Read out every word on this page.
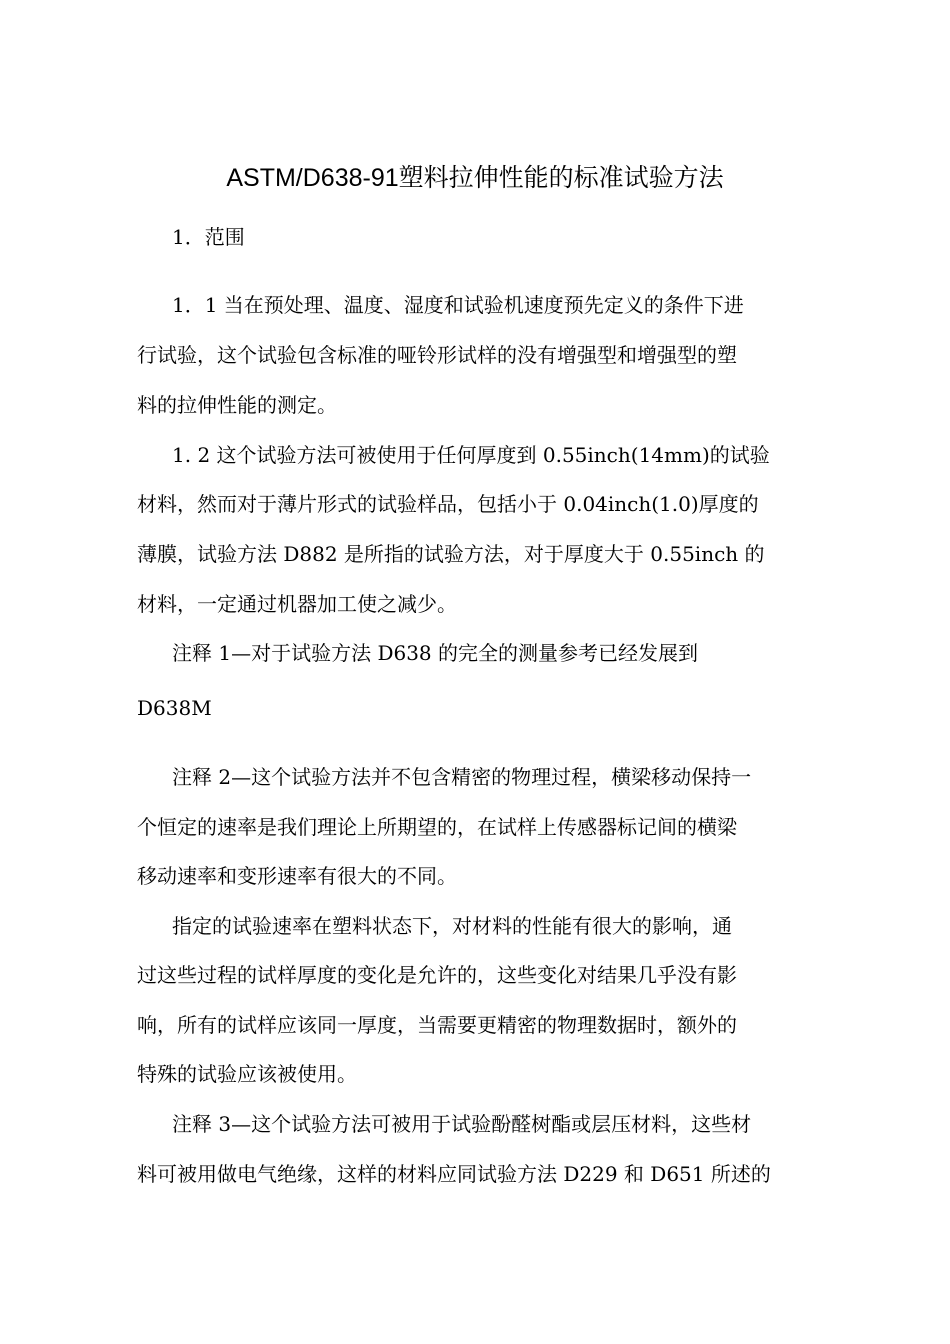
ASTM/D638-91塑料拉伸性能的标准试验方法
1．范围
1．1 当在预处理、温度、湿度和试验机速度预先定义的条件下进
行试验，这个试验包含标准的哑铃形试样的没有增强型和增强型的塑
料的拉伸性能的测定。
1. 2 这个试验方法可被使用于任何厚度到 0.55inch(14mm)的试验
材料，然而对于薄片形式的试验样品，包括小于 0.04inch(1.0)厚度的
薄膜，试验方法 D882 是所指的试验方法，对于厚度大于 0.55inch 的
材料，一定通过机器加工使之减少。
注释 1—对于试验方法 D638 的完全的测量参考已经发展到
D638M
注释 2—这个试验方法并不包含精密的物理过程，横梁移动保持一
个恒定的速率是我们理论上所期望的，在试样上传感器标记间的横梁
移动速率和变形速率有很大的不同。
指定的试验速率在塑料状态下，对材料的性能有很大的影响，通
过这些过程的试样厚度的变化是允许的，这些变化对结果几乎没有影
响，所有的试样应该同一厚度，当需要更精密的物理数据时，额外的
特殊的试验应该被使用。
注释 3—这个试验方法可被用于试验酚醛树酯或层压材料，这些材
料可被用做电气绝缘，这样的材料应同试验方法 D229 和 D651 所述的
